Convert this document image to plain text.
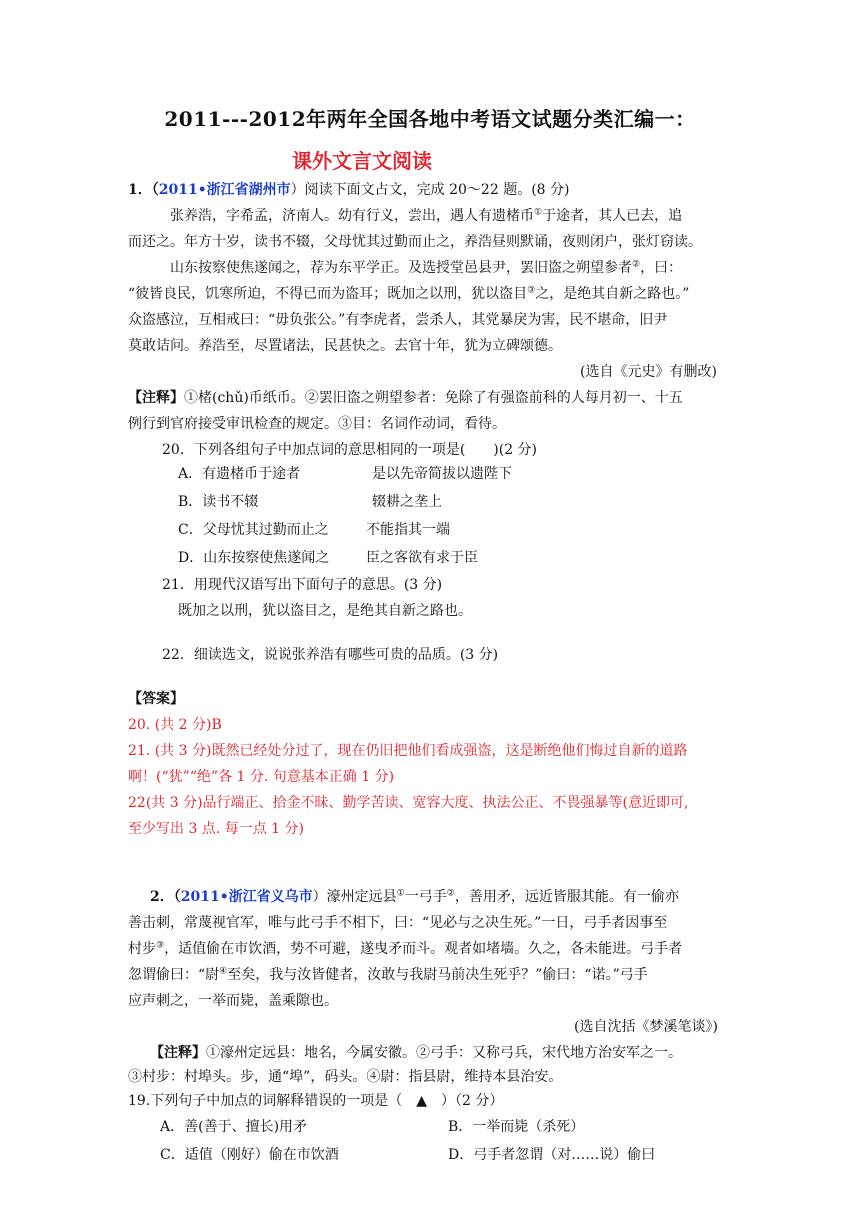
2011---2012年两年全国各地中考语文试题分类汇编一：
课外文言文阅读
1．（2011•浙江省湖州市）阅读下面文占文，完成 20～22 题。(8 分)
张养浩，字希孟，济南人。幼有行义，尝出，遇人有遗楮币①于途者，其人已去，追
而还之。年方十岁，读书不辍，父母忧其过勤而止之，养浩昼则默诵，夜则闭户，张灯窃读。
山东按察使焦遂闻之，荐为东平学正。及选授堂邑县尹，罢旧盗之朔望参者②，曰：
“彼皆良民，饥寒所迫，不得已而为盗耳；既加之以刑，犹以盗目③之，是绝其自新之路也。”
众盗感泣，互相戒曰：“毋负张公。”有李虎者，尝杀人，其党暴戾为害，民不堪命，旧尹
莫敢诘问。养浩至，尽置诸法，民甚快之。去官十年，犹为立碑颂德。
(选自《元史》有删改)
【注释】①楮(chǔ)币纸币。②罢旧盗之朔望参者：免除了有强盗前科的人每月初一、十五
例行到官府接受审讯检查的规定。③目：名词作动词，看待。
20．下列各组句子中加点词的意思相同的一项是(　　)(2 分)
A．有遗楮币于途者	是以先帝简拔以遗陛下
B．读书不辍	辍耕之垄上
C．父母忧其过勤而止之	不能指其一端
D．山东按察使焦遂闻之	臣之客欲有求于臣
21．用现代汉语写出下面句子的意思。(3 分)
既加之以刑，犹以盗目之，是绝其自新之路也。
22．细读选文，说说张养浩有哪些可贵的品质。(3 分)
【答案】
20. (共 2 分)B
21. (共 3 分)既然已经处分过了，现在仍旧把他们看成强盗，这是断绝他们悔过自新的道路
啊！(“犹”“绝”各 1 分. 句意基本正确 1 分)
22(共 3 分)品行端正、拾金不昧、勤学苦读、宽容大度、执法公正、不畏强暴等(意近即可,
至少写出 3 点. 每一点 1 分)
2．（2011•浙江省义乌市）濠州定远县①一弓手②，善用矛，远近皆服其能。有一偷亦
善击刺，常蔑视官军，唯与此弓手不相下，曰：“见必与之决生死。”一日，弓手者因事至
村步③，适值偷在市饮酒，势不可避，遂曳矛而斗。观者如堵墙。久之，各未能进。弓手者
忽谓偷曰：“尉④至矣，我与汝皆健者，汝敢与我尉马前决生死乎？”偷曰：“诺。”弓手
应声刺之，一举而毙，盖乘隙也。
(选自沈括《梦溪笔谈》)
【注释】①濠州定远县：地名，今属安徽。②弓手：又称弓兵，宋代地方治安军之一。
③村步：村埠头。步，通“埠”，码头。④尉：指县尉，维持本县治安。
19.下列句子中加点的词解释错误的一项是（　▲　）（2 分）
A．善(善于、擅长)用矛	B．一举而毙（杀死）
C．适值（刚好）偷在市饮酒	D．弓手者忽谓（对……说）偷曰
